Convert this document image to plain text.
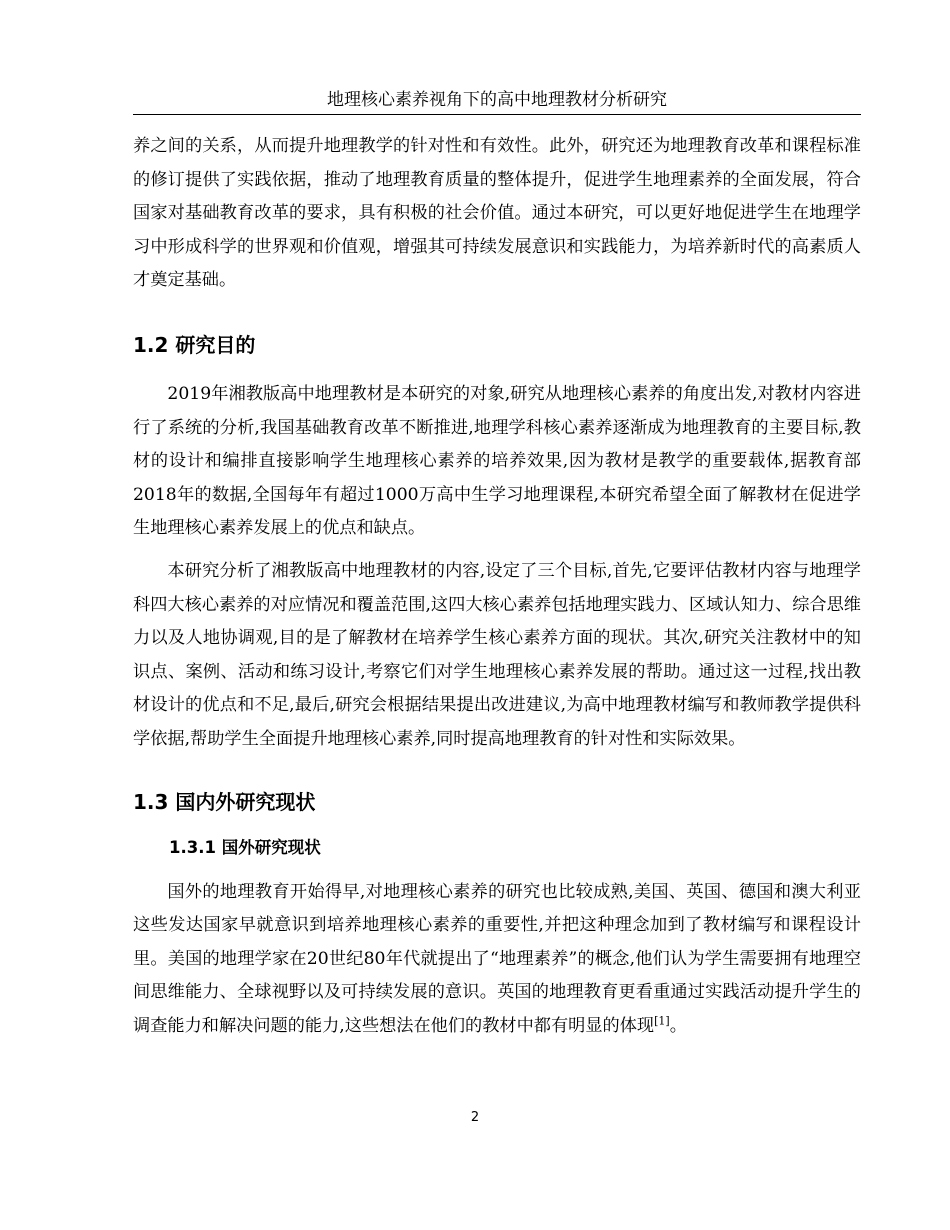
地理核心素养视角下的高中地理教材分析研究

养之间的关系，从而提升地理教学的针对性和有效性。此外，研究还为地理教育改革和课程标准的修订提供了实践依据，推动了地理教育质量的整体提升，促进学生地理素养的全面发展，符合国家对基础教育改革的要求，具有积极的社会价值。通过本研究，可以更好地促进学生在地理学习中形成科学的世界观和价值观，增强其可持续发展意识和实践能力，为培养新时代的高素质人才奠定基础。

1.2 研究目的

2019年湘教版高中地理教材是本研究的对象,研究从地理核心素养的角度出发,对教材内容进行了系统的分析,我国基础教育改革不断推进,地理学科核心素养逐渐成为地理教育的主要目标,教材的设计和编排直接影响学生地理核心素养的培养效果,因为教材是教学的重要载体,据教育部2018年的数据,全国每年有超过1000万高中生学习地理课程,本研究希望全面了解教材在促进学生地理核心素养发展上的优点和缺点。

本研究分析了湘教版高中地理教材的内容,设定了三个目标,首先,它要评估教材内容与地理学科四大核心素养的对应情况和覆盖范围,这四大核心素养包括地理实践力、区域认知力、综合思维力以及人地协调观,目的是了解教材在培养学生核心素养方面的现状。其次,研究关注教材中的知识点、案例、活动和练习设计,考察它们对学生地理核心素养发展的帮助。通过这一过程,找出教材设计的优点和不足,最后,研究会根据结果提出改进建议,为高中地理教材编写和教师教学提供科学依据,帮助学生全面提升地理核心素养,同时提高地理教育的针对性和实际效果。

1.3 国内外研究现状
1.3.1 国外研究现状

国外的地理教育开始得早,对地理核心素养的研究也比较成熟,美国、英国、德国和澳大利亚这些发达国家早就意识到培养地理核心素养的重要性,并把这种理念加到了教材编写和课程设计里。美国的地理学家在20世纪80年代就提出了“地理素养”的概念,他们认为学生需要拥有地理空间思维能力、全球视野以及可持续发展的意识。英国的地理教育更看重通过实践活动提升学生的调查能力和解决问题的能力,这些想法在他们的教材中都有明显的体现[1]。

2
